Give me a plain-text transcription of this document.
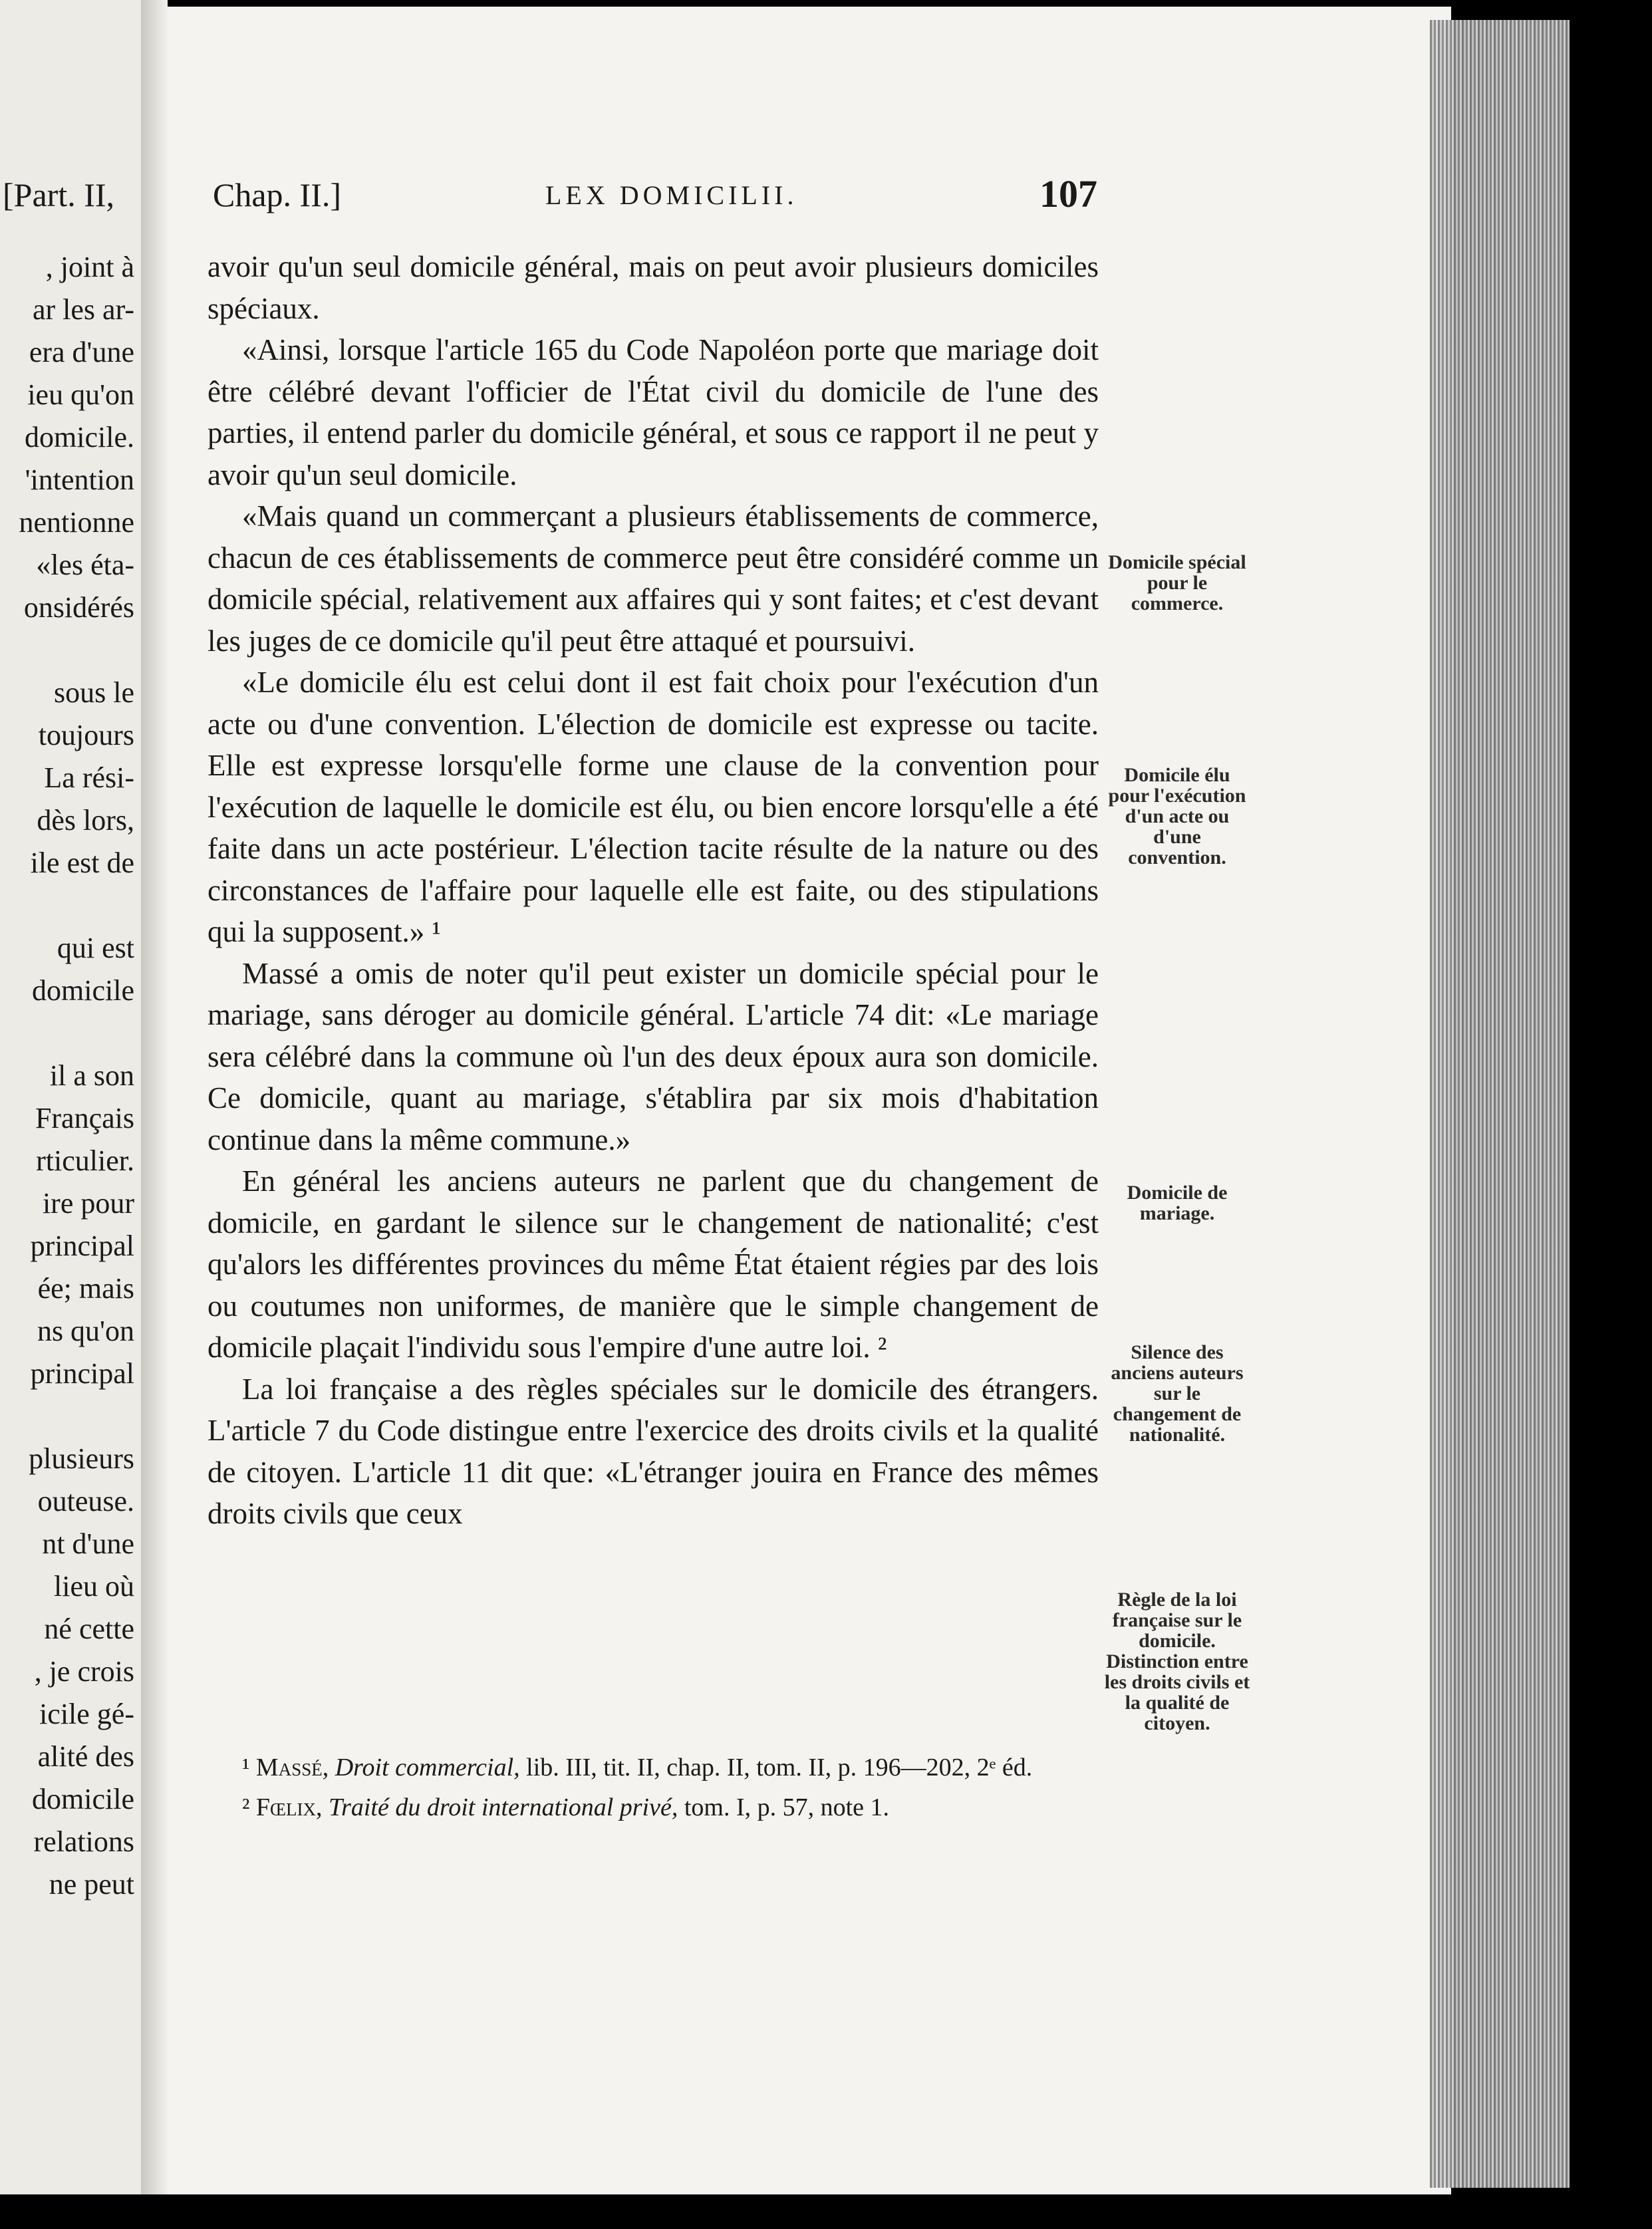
[Part. II,
, joint à
ar les ar-
era d'une
ieu qu'on
domicile.
'intention
nentionne
«les éta-
onsidérés
sous le
toujours
La rési-
dès lors,
ile est de
qui est
domicile
il a son
Français
rticulier.
ire pour
principal
ée; mais
ns qu'on
principal
plusieurs
outeuse.
nt d'une
lieu où
né cette
, je crois
icile gé-
alité des
domicile
relations
ne peut
Chap. II.]	LEX DOMICILII.	107

avoir qu'un seul domicile général, mais on peut avoir plusieurs domiciles spéciaux.

«Ainsi, lorsque l'article 165 du Code Napoléon porte que mariage doit être célébré devant l'officier de l'État civil du domicile de l'une des parties, il entend parler du domicile général, et sous ce rapport il ne peut y avoir qu'un seul domicile.

«Mais quand un commerçant a plusieurs établissements de commerce, chacun de ces établissements de commerce peut être considéré comme un domicile spécial, relativement aux affaires qui y sont faites; et c'est devant les juges de ce domicile qu'il peut être attaqué et poursuivi.

«Le domicile élu est celui dont il est fait choix pour l'exécution d'un acte ou d'une convention. L'élection de domicile est expresse ou tacite. Elle est expresse lorsqu'elle forme une clause de la convention pour l'exécution de laquelle le domicile est élu, ou bien encore lorsqu'elle a été faite dans un acte postérieur. L'élection tacite résulte de la nature ou des circonstances de l'affaire pour laquelle elle est faite, ou des stipulations qui la supposent.» ¹

Massé a omis de noter qu'il peut exister un domicile spécial pour le mariage, sans déroger au domicile général. L'article 74 dit: «Le mariage sera célébré dans la commune où l'un des deux époux aura son domicile. Ce domicile, quant au mariage, s'établira par six mois d'habitation continue dans la même commune.»

En général les anciens auteurs ne parlent que du changement de domicile, en gardant le silence sur le changement de nationalité; c'est qu'alors les différentes provinces du même État étaient régies par des lois ou coutumes non uniformes, de manière que le simple changement de domicile plaçait l'individu sous l'empire d'une autre loi. ²

La loi française a des règles spéciales sur le domicile des étrangers. L'article 7 du Code distingue entre l'exercice des droits civils et la qualité de citoyen. L'article 11 dit que: «L'étranger jouira en France des mêmes droits civils que ceux

¹ Massé, Droit commercial, lib. III, tit. II, chap. II, tom. II, p. 196—202, 2ᵉ éd.

² Fœlix, Traité du droit international privé, tom. I, p. 57, note 1.

Domicile spécial pour le commerce.
Domicile élu pour l'exécution d'un acte ou d'une convention.
Domicile de mariage.
Silence des anciens auteurs sur le changement de nationalité.
Règle de la loi française sur le domicile. Distinction entre les droits civils et la qualité de citoyen.
